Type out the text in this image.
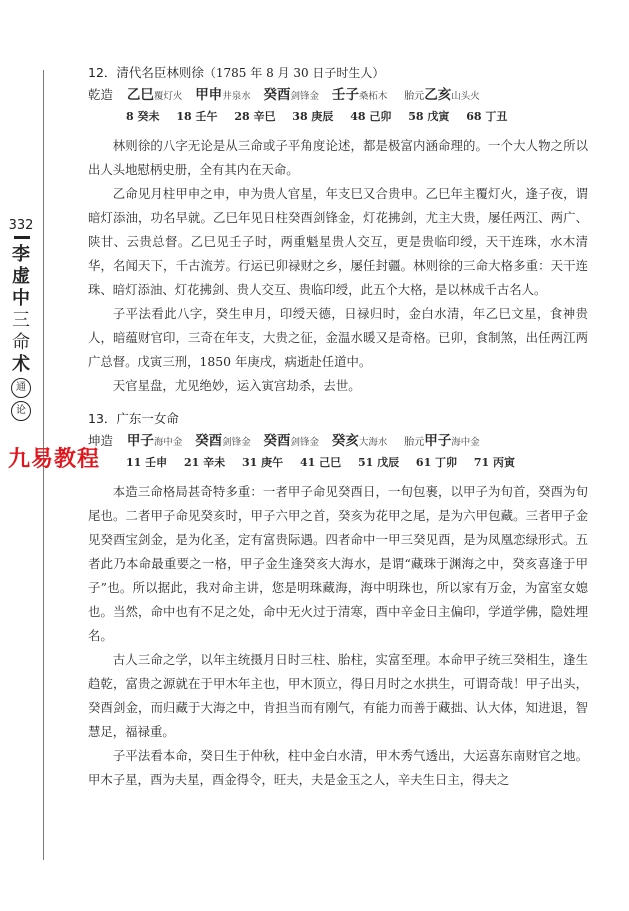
332
李
虚
中
三
命
术
通
论
九易教程
12．清代名臣林则徐（1785 年 8 月 30 日子时生人）
乾造 乙巳覆灯火 甲申井泉水 癸酉剑锋金 壬子桑柘木 胎元乙亥山头火
8 癸未 18 壬午 28 辛巳 38 庚辰 48 己卯 58 戊寅 68 丁丑

林则徐的八字无论是从三命或子平角度论述，都是极富内涵命理的。一个大人物之所以出人头地慰柄史册，全有其内在天命。

乙命见月柱甲申之申，申为贵人官星，年支巳又合贵申。乙巳年主覆灯火，逢子夜，谓暗灯添油，功名早就。乙巳年见日柱癸酉剑锋金，灯花拂剑，尤主大贵，屡任两江、两广、陕甘、云贵总督。乙巳见壬子时，两重魁星贵人交互，更是贵临印绶，天干连珠，水木清华，名闻天下，千古流芳。行运已卯禄财之乡，屡任封疆。林则徐的三命大格多重：天干连珠、暗灯添油、灯花拂剑、贵人交互、贵临印绶，此五个大格，是以林成千古名人。

子平法看此八字，癸生申月，印绶天德，日禄归时，金白水清，年乙巳文星，食神贵人，暗蕴财官印，三奇在年支，大贵之征，金温水暖又是奇格。已卯，食制煞，出任两江两广总督。戊寅三刑，1850 年庚戌，病逝赴任道中。

天官星盘，尤见绝妙，运入寅宫劫杀，去世。

13．广东一女命
坤造 甲子海中金 癸酉剑锋金 癸酉剑锋金 癸亥大海水 胎元甲子海中金
11 壬申 21 辛未 31 庚午 41 己巳 51 戊辰 61 丁卯 71 丙寅

本造三命格局甚奇特多重：一者甲子命见癸酉日，一旬包裹，以甲子为旬首，癸酉为旬尾也。二者甲子命见癸亥时，甲子六甲之首，癸亥为花甲之尾，是为六甲包藏。三者甲子金见癸酉宝剑金，是为化圣，定有富贵际遇。四者命中一甲三癸见酉，是为凤凰恋绿形式。五者此乃本命最重要之一格，甲子金生逢癸亥大海水，是谓“藏珠于渊海之中，癸亥喜逢于甲子”也。所以据此，我对命主讲，您是明珠藏海，海中明珠也，所以家有万金，为富室女媳也。当然，命中也有不足之处，命中无火过于清寒，酉中辛金日主偏印，学道学佛，隐姓埋名。

古人三命之学，以年主统摄月日时三柱、胎柱，实富至理。本命甲子统三癸相生，逢生趋乾，富贵之源就在于甲木年主也，甲木顶立，得日月时之水拱生，可谓奇哉！甲子出头，癸酉剑金，而归藏于大海之中，肯担当而有刚气，有能力而善于藏拙、认大体，知进退，智慧足，福禄重。

子平法看本命，癸日生于仲秋，柱中金白水清，甲木秀气透出，大运喜东南财官之地。甲木子星，酉为夫星，酉金得令，旺夫，夫是金玉之人，辛夫生日主，得夫之
